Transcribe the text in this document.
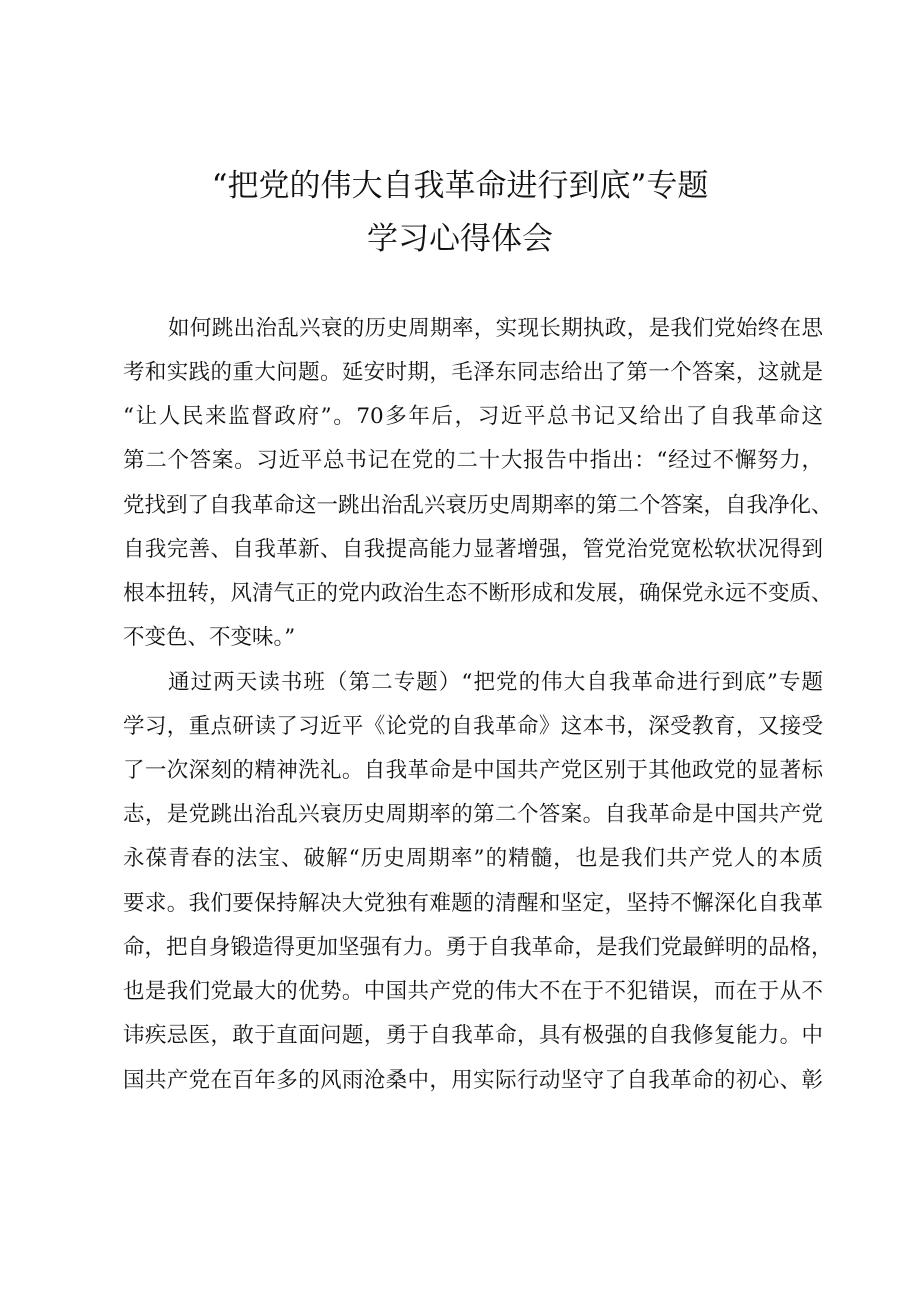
“把党的伟大自我革命进行到底”专题
学习心得体会
如何跳出治乱兴衰的历史周期率，实现长期执政，是我们党始终在思
考和实践的重大问题。延安时期，毛泽东同志给出了第一个答案，这就是
“让人民来监督政府”。70多年后，习近平总书记又给出了自我革命这
第二个答案。习近平总书记在党的二十大报告中指出：“经过不懈努力，
党找到了自我革命这一跳出治乱兴衰历史周期率的第二个答案，自我净化、
自我完善、自我革新、自我提高能力显著增强，管党治党宽松软状况得到
根本扭转，风清气正的党内政治生态不断形成和发展，确保党永远不变质、
不变色、不变味。”
通过两天读书班（第二专题）“把党的伟大自我革命进行到底”专题
学习，重点研读了习近平《论党的自我革命》这本书，深受教育，又接受
了一次深刻的精神洗礼。自我革命是中国共产党区别于其他政党的显著标
志，是党跳出治乱兴衰历史周期率的第二个答案。自我革命是中国共产党
永葆青春的法宝、破解“历史周期率”的精髓，也是我们共产党人的本质
要求。我们要保持解决大党独有难题的清醒和坚定，坚持不懈深化自我革
命，把自身锻造得更加坚强有力。勇于自我革命，是我们党最鲜明的品格，
也是我们党最大的优势。中国共产党的伟大不在于不犯错误，而在于从不
讳疾忌医，敢于直面问题，勇于自我革命，具有极强的自我修复能力。中
国共产党在百年多的风雨沧桑中，用实际行动坚守了自我革命的初心、彰
